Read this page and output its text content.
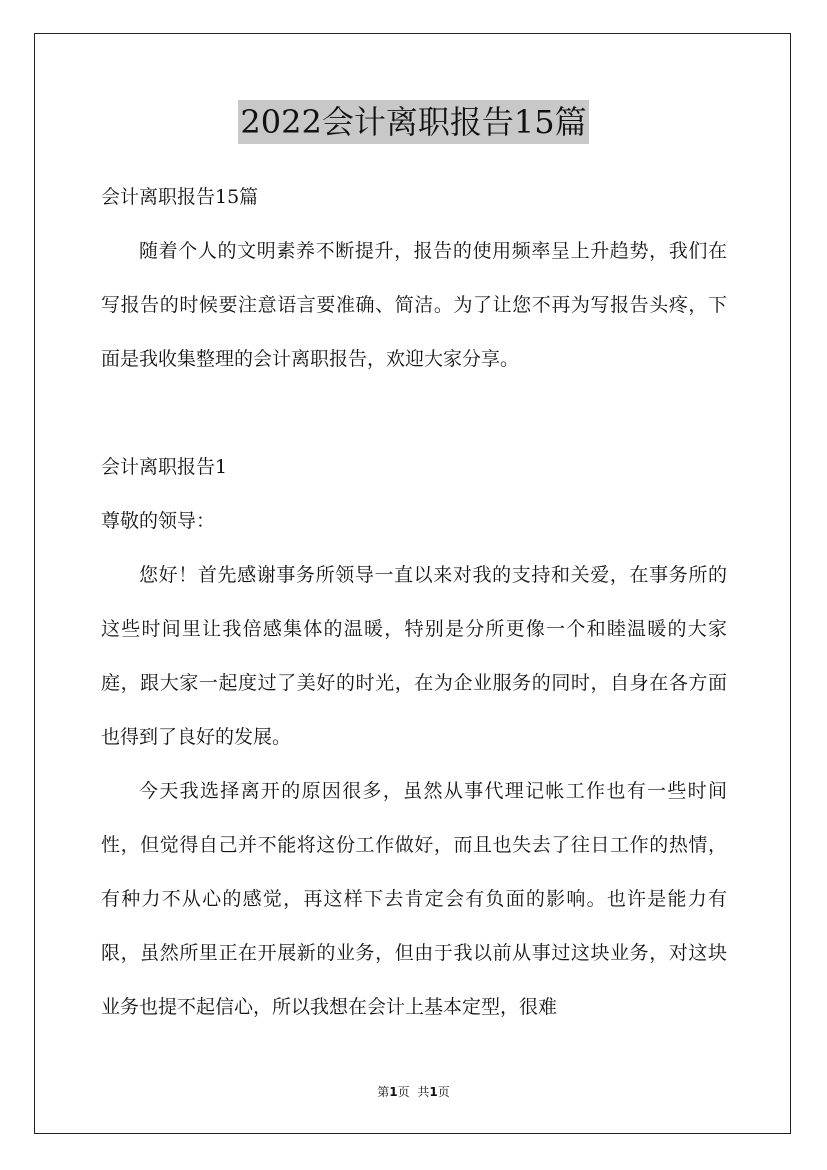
2022会计离职报告15篇

会计离职报告15篇

随着个人的文明素养不断提升，报告的使用频率呈上升趋势，我们在写报告的时候要注意语言要准确、简洁。为了让您不再为写报告头疼，下面是我收集整理的会计离职报告，欢迎大家分享。

会计离职报告1

尊敬的领导：

您好！首先感谢事务所领导一直以来对我的支持和关爱，在事务所的这些时间里让我倍感集体的温暖，特别是分所更像一个和睦温暖的大家庭，跟大家一起度过了美好的时光，在为企业服务的同时，自身在各方面也得到了良好的发展。

今天我选择离开的原因很多，虽然从事代理记帐工作也有一些时间性，但觉得自己并不能将这份工作做好，而且也失去了往日工作的热情，有种力不从心的感觉，再这样下去肯定会有负面的影响。也许是能力有限，虽然所里正在开展新的业务，但由于我以前从事过这块业务，对这块业务也提不起信心，所以我想在会计上基本定型，很难

第1页 共1页
